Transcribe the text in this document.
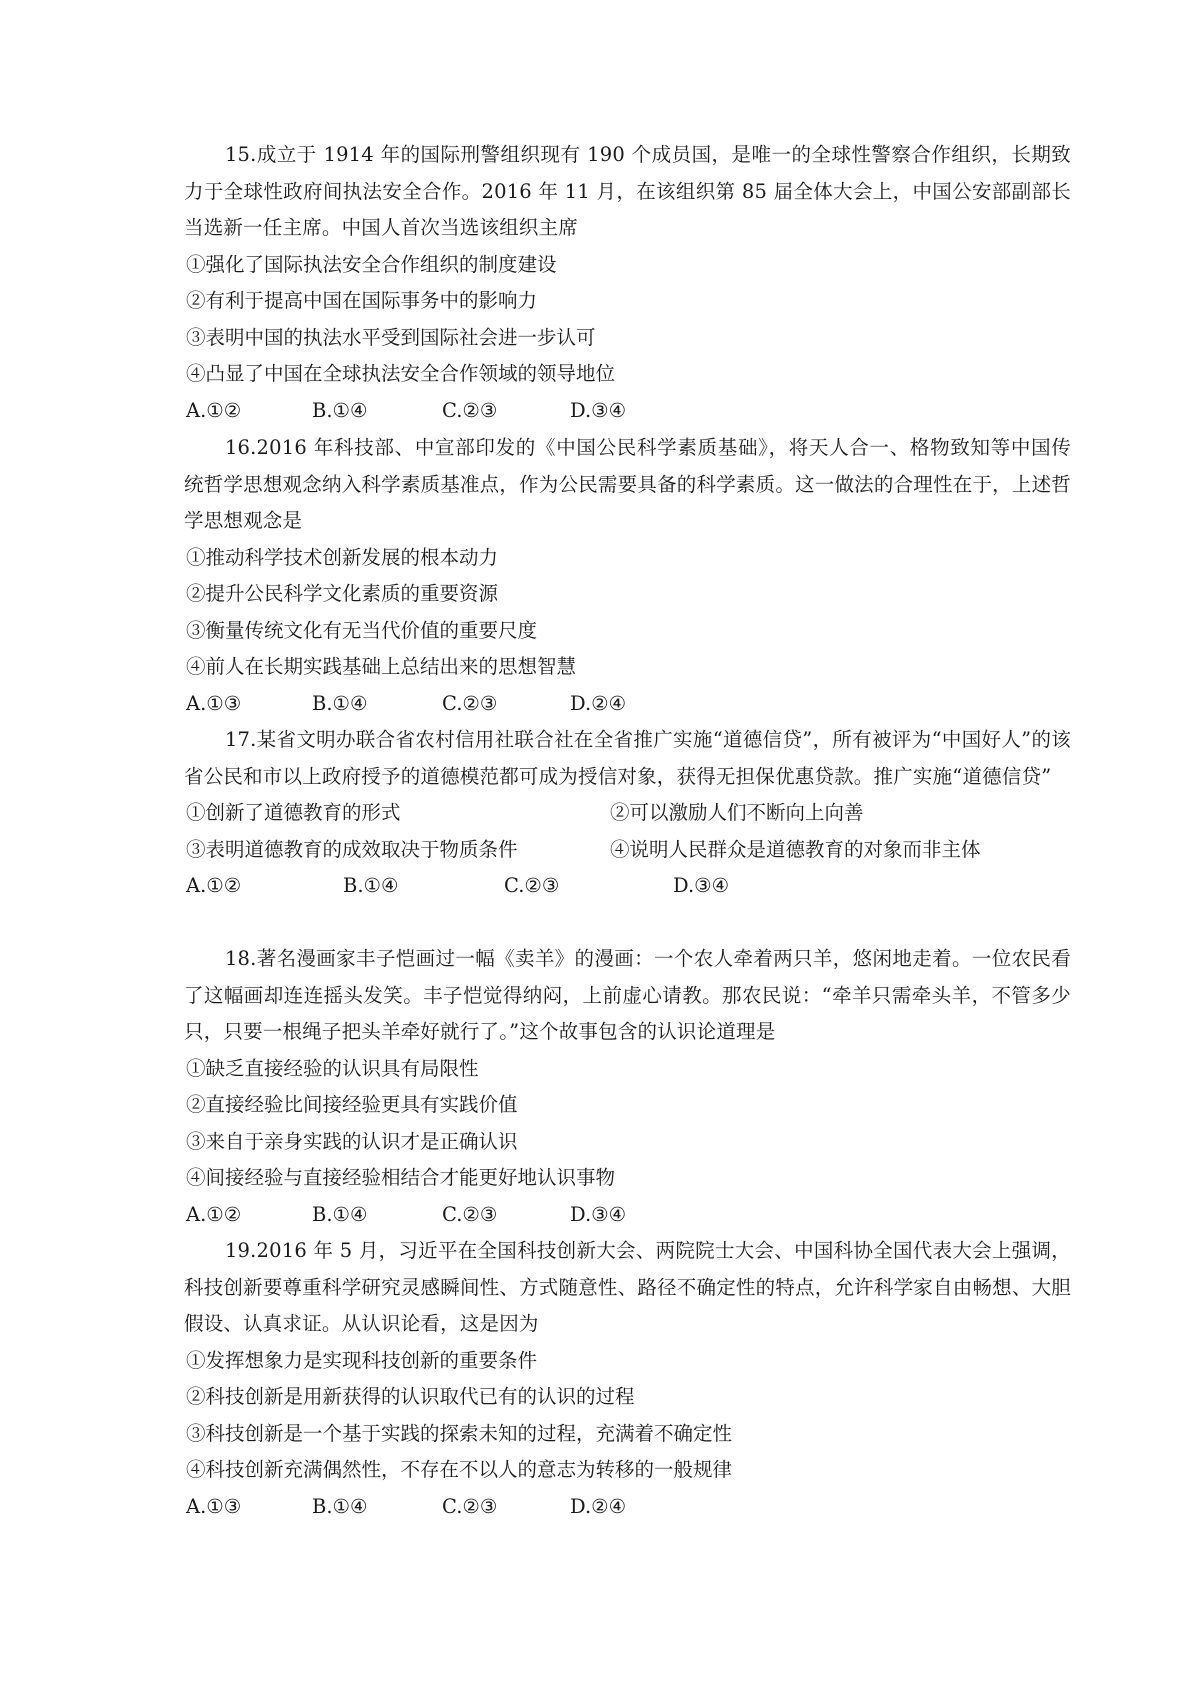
15.成立于 1914 年的国际刑警组织现有 190 个成员国，是唯一的全球性警察合作组织，长期致力于全球性政府间执法安全合作。2016 年 11 月，在该组织第 85 届全体大会上，中国公安部副部长当选新一任主席。中国人首次当选该组织主席

①强化了国际执法安全合作组织的制度建设
②有利于提高中国在国际事务中的影响力
③表明中国的执法水平受到国际社会进一步认可
④凸显了中国在全球执法安全合作领域的领导地位
A.①②	B.①④	C.②③	D.③④

16.2016 年科技部、中宣部印发的《中国公民科学素质基础》，将天人合一、格物致知等中国传统哲学思想观念纳入科学素质基准点，作为公民需要具备的科学素质。这一做法的合理性在于，上述哲学思想观念是

①推动科学技术创新发展的根本动力
②提升公民科学文化素质的重要资源
③衡量传统文化有无当代价值的重要尺度
④前人在长期实践基础上总结出来的思想智慧
A.①③	B.①④	C.②③	D.②④

17.某省文明办联合省农村信用社联合社在全省推广实施“道德信贷”，所有被评为“中国好人”的该省公民和市以上政府授予的道德模范都可成为授信对象，获得无担保优惠贷款。推广实施“道德信贷”

①创新了道德教育的形式	②可以激励人们不断向上向善
③表明道德教育的成效取决于物质条件	④说明人民群众是道德教育的对象而非主体
A.①②	B.①④	C.②③	D.③④

18.著名漫画家丰子恺画过一幅《卖羊》的漫画：一个农人牵着两只羊，悠闲地走着。一位农民看了这幅画却连连摇头发笑。丰子恺觉得纳闷，上前虚心请教。那农民说：“牵羊只需牵头羊，不管多少只，只要一根绳子把头羊牵好就行了。”这个故事包含的认识论道理是

①缺乏直接经验的认识具有局限性
②直接经验比间接经验更具有实践价值
③来自于亲身实践的认识才是正确认识
④间接经验与直接经验相结合才能更好地认识事物
A.①②	B.①④	C.②③	D.③④

19.2016 年 5 月，习近平在全国科技创新大会、两院院士大会、中国科协全国代表大会上强调，科技创新要尊重科学研究灵感瞬间性、方式随意性、路径不确定性的特点，允许科学家自由畅想、大胆假设、认真求证。从认识论看，这是因为

①发挥想象力是实现科技创新的重要条件
②科技创新是用新获得的认识取代已有的认识的过程
③科技创新是一个基于实践的探索未知的过程，充满着不确定性
④科技创新充满偶然性，不存在不以人的意志为转移的一般规律
A.①③	B.①④	C.②③	D.②④
